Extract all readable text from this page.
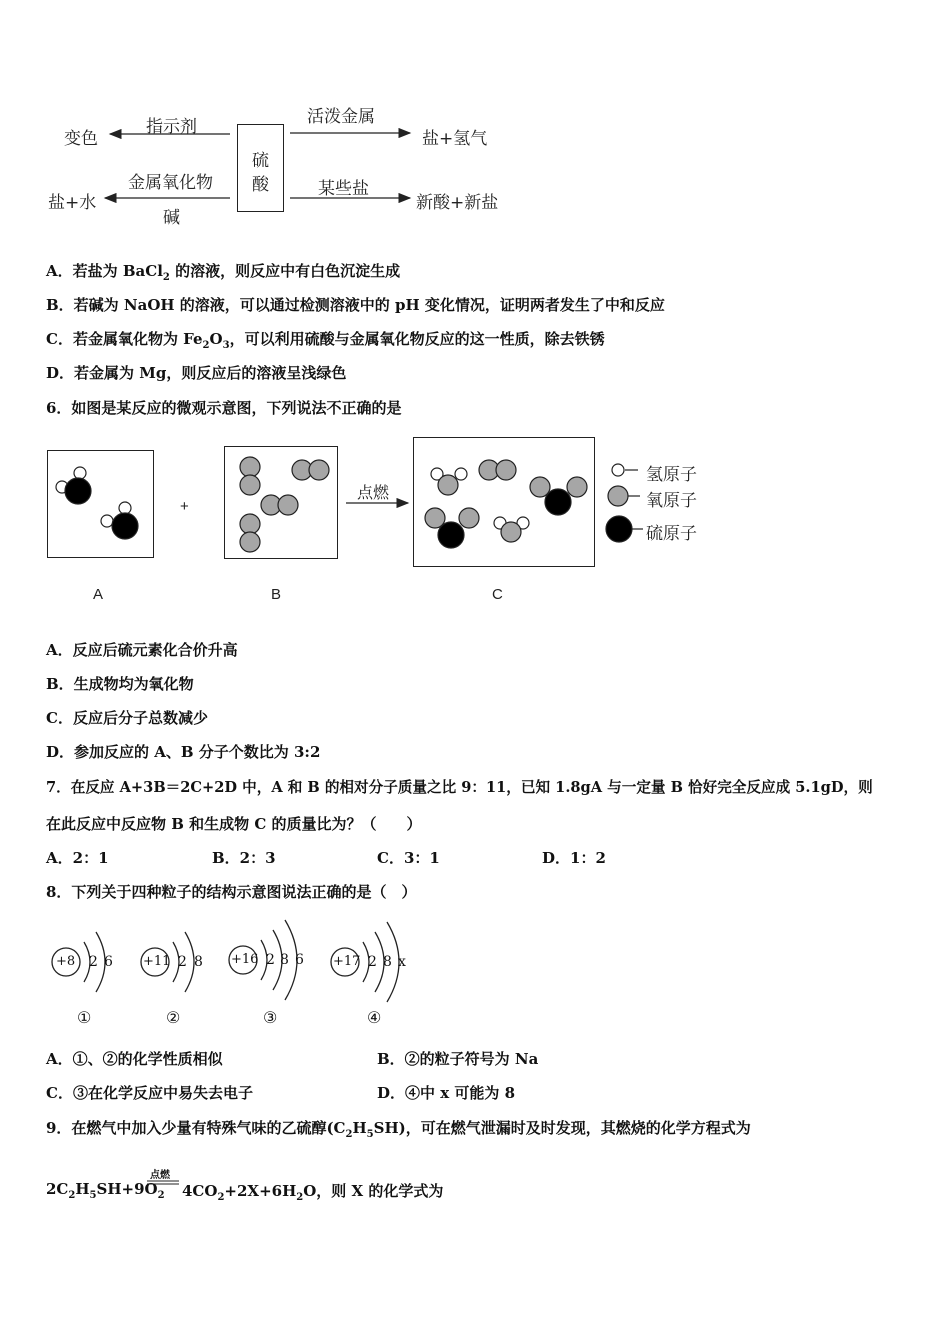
硫
酸
指示剂
变色
活泼金属
盐+氢气
金属氧化物
碱
盐+水
某些盐
新酸+新盐
A．若盐为 BaCl$_2$ 的溶液，则反应中有白色沉淀生成
B．若碱为 NaOH 的溶液，可以通过检测溶液中的 pH 变化情况，证明两者发生了中和反应
C．若金属氧化物为 $Fe_2O_3$，可以利用硫酸与金属氧化物反应的这一性质，除去铁锈
D．若金属为 Mg，则反应后的溶液呈浅绿色
6．如图是某反应的微观示意图，下列说法不正确的是
+
点燃
氢原子
氧原子
硫原子
A	B	C
A．反应后硫元素化合价升高
B．生成物均为氧化物
C．反应后分子总数减少
D．参加反应的 A、B 分子个数比为 3:2
7．在反应 A+3B＝2C+2D 中，A 和 B 的相对分子质量之比 9：11，已知 1.8gA 与一定量 B 恰好完全反应成 5.1gD，则
在此反应中反应物 B 和生成物 C 的质量比为？（　　）
A．2：1	B．2：3	C．3：1	D．1：2
8．下列关于四种粒子的结构示意图说法正确的是（　）
+8 2 6
①
+11 2 8
②
+16 2 8 6
③
+17 2 8 x
④
A．①、②的化学性质相似	B．②的粒子符号为 Na
C．③在化学反应中易失去电子	D．④中 x 可能为 8
9．在燃气中加入少量有特殊气味的乙硫醇$(C_2H_5SH)$，可在燃气泄漏时及时发现，其燃烧的化学方程式为
点燃
$2C_2H_5SH+9O_2$ $4CO_2+2X+6H_2O$，则 X 的化学式为
